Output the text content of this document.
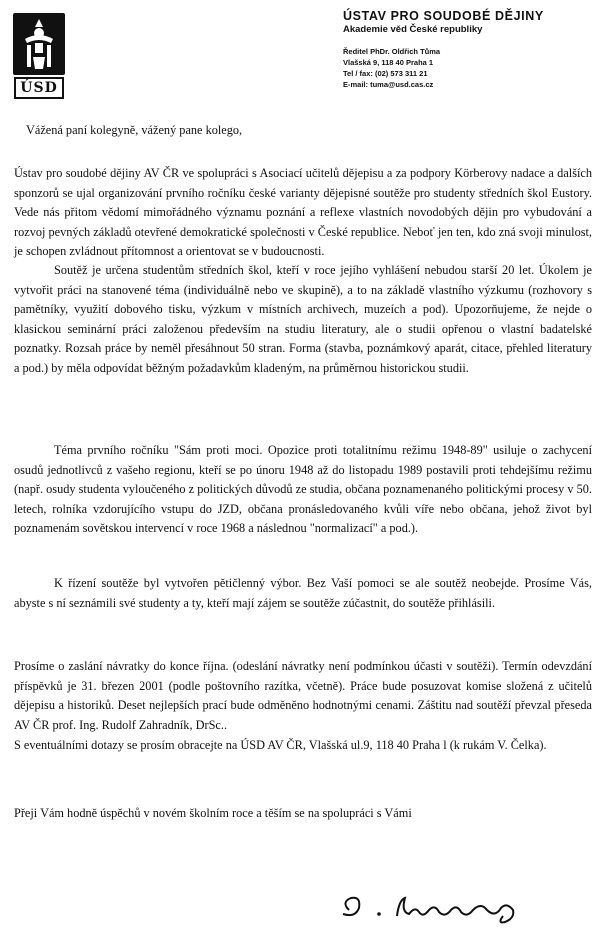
ÚSD
ÚSTAV PRO SOUDOBÉ DĚJINY
Akademie věd České republiky
Ředitel PhDr. Oldřich Tůma
Vlašská 9, 118 40 Praha 1
Tel / fax: (02) 573 311 21
E-mail: tuma@usd.cas.cz
Vážená paní kolegyně, vážený pane kolego,
Ústav pro soudobé dějiny AV ČR ve spolupráci s Asociací učitelů dějepisu a za podpory Körberovy nadace a dalších sponzorů se ujal organizování prvního ročníku české varianty dějepisné soutěže pro studenty středních škol Eustory. Vede nás přitom vědomí mimořádného významu poznání a reflexe vlastních novodobých dějin pro vybudování a rozvoj pevných základů otevřené demokratické společnosti v České republice. Neboť jen ten, kdo zná svoji minulost, je schopen zvládnout přítomnost a orientovat se v budoucnosti.
Soutěž je určena studentům středních škol, kteří v roce jejího vyhlášení nebudou starší 20 let. Úkolem je vytvořit práci na stanovené téma (individuálně nebo ve skupině), a to na základě vlastního výzkumu (rozhovory s pamětníky, využití dobového tisku, výzkum v místních archivech, muzeích a pod). Upozorňujeme, že nejde o klasickou seminární práci založenou především na studiu literatury, ale o studii opřenou o vlastní badatelské poznatky. Rozsah práce by neměl přesáhnout 50 stran. Forma (stavba, poznámkový aparát, citace, přehled literatury a pod.) by měla odpovídat běžným požadavkům kladeným, na průměrnou historickou studii.
Téma prvního ročníku "Sám proti moci. Opozice proti totalitnímu režimu 1948-89" usiluje o zachycení osudů jednotlivců z vašeho regionu, kteří se po únoru 1948 až do listopadu 1989 postavili proti tehdejšímu režimu (např. osudy studenta vyloučeného z politických důvodů ze studia, občana poznamenaného politickými procesy v 50. letech, rolníka vzdorujícího vstupu do JZD, občana pronásledovaného kvůli víře nebo občana, jehož život byl poznamenám sovětskou intervencí v roce 1968 a následnou "normalizací" a pod.).
K řízení soutěže byl vytvořen pětičlenný výbor. Bez Vaší pomoci se ale soutěž neobejde. Prosíme Vás, abyste s ní seznámili své studenty a ty, kteří mají zájem se soutěže zúčastnit, do soutěže přihlásili.
Prosíme o zaslání návratky do konce října. (odeslání návratky není podmínkou účasti v soutěži). Termín odevzdání příspěvků je 31. březen 2001 (podle poštovního razítka, včetně). Práce bude posuzovat komise složená z učitelů dějepisu a historiků. Deset nejlepších prací bude odměněno hodnotnými cenami. Záštitu nad soutěží převzal přeseda AV ČR prof. Ing. Rudolf Zahradník, DrSc..
S eventuálními dotazy se prosím obracejte na ÚSD AV ČR, Vlašská ul.9, 118 40 Praha l (k rukám V. Čelka).
Přeji Vám hodně úspěchů v novém školním roce a těším se na spolupráci s Vámi
